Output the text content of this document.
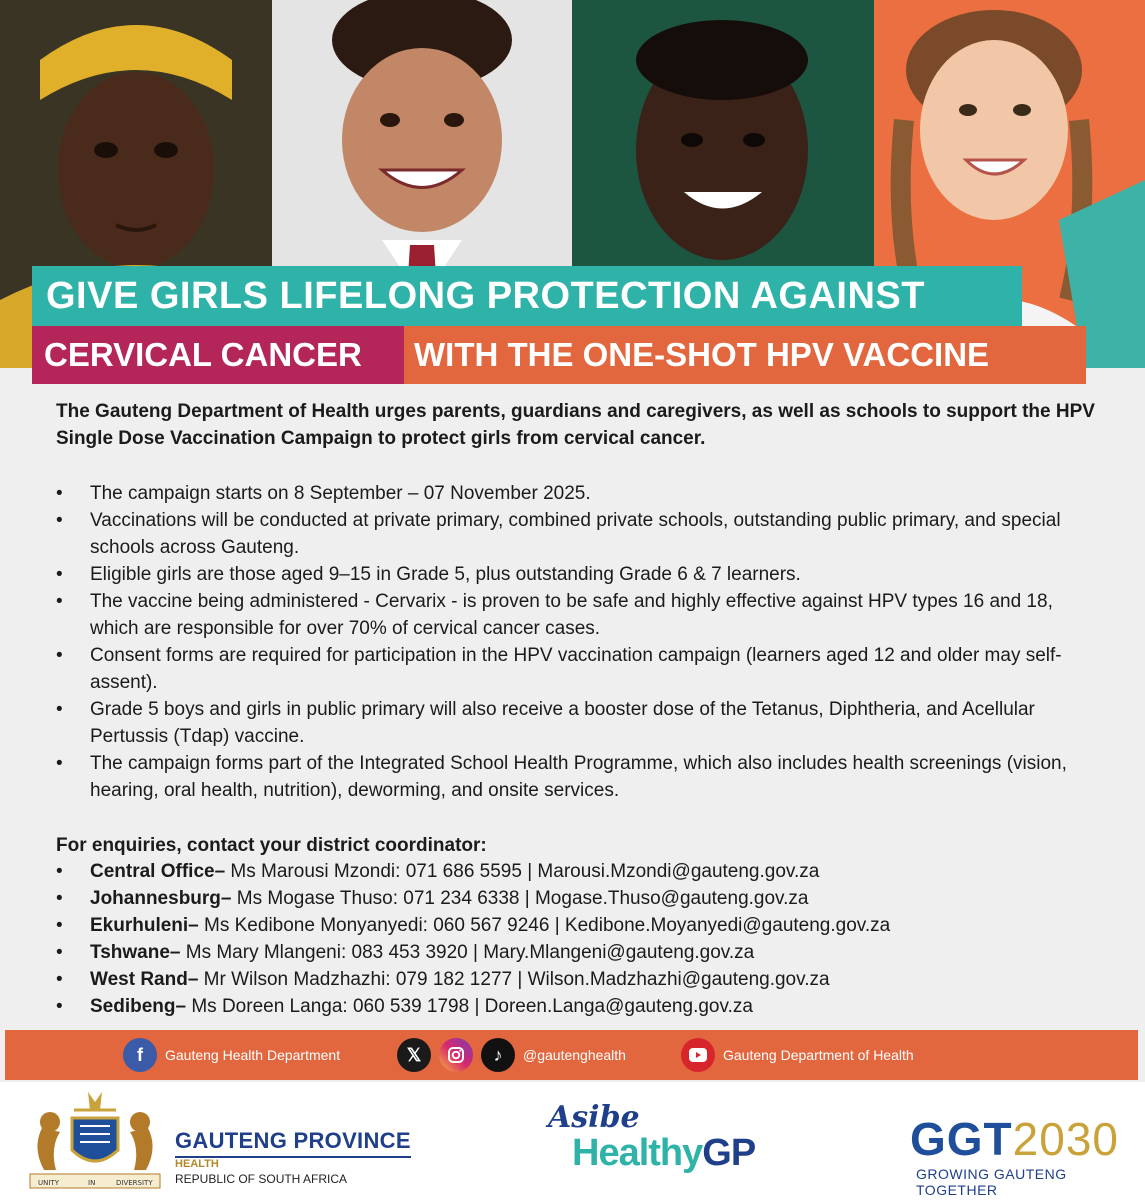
GIVE GIRLS LIFELONG PROTECTION AGAINST
CERVICAL CANCER	WITH THE ONE-SHOT HPV VACCINE

The Gauteng Department of Health urges parents, guardians and caregivers, as well as schools to support the HPV Single Dose Vaccination Campaign to protect girls from cervical cancer.

• The campaign starts on 8 September – 07 November 2025.
• Vaccinations will be conducted at private primary, combined private schools, outstanding public primary, and special schools across Gauteng.
• Eligible girls are those aged 9–15 in Grade 5, plus outstanding Grade 6 & 7 learners.
• The vaccine being administered - Cervarix - is proven to be safe and highly effective against HPV types 16 and 18, which are responsible for over 70% of cervical cancer cases.
• Consent forms are required for participation in the HPV vaccination campaign (learners aged 12 and older may self-assent).
• Grade 5 boys and girls in public primary will also receive a booster dose of the Tetanus, Diphtheria, and Acellular Pertussis (Tdap) vaccine.
• The campaign forms part of the Integrated School Health Programme, which also includes health screenings (vision, hearing, oral health, nutrition), deworming, and onsite services.
For enquiries, contact your district coordinator:
• Central Office– Ms Marousi Mzondi: 071 686 5595 | Marousi.Mzondi@gauteng.gov.za
• Johannesburg– Ms Mogase Thuso: 071 234 6338 | Mogase.Thuso@gauteng.gov.za
• Ekurhuleni– Ms Kedibone Monyanyedi: 060 567 9246 | Kedibone.Moyanyedi@gauteng.gov.za
• Tshwane– Ms Mary Mlangeni: 083 453 3920 | Mary.Mlangeni@gauteng.gov.za
• West Rand– Mr Wilson Madzhazhi: 079 182 1277 | Wilson.Madzhazhi@gauteng.gov.za
• Sedibeng– Ms Doreen Langa: 060 539 1798 | Doreen.Langa@gauteng.gov.za
f	Gauteng Health Department	𝕏	♪	@gautenghealth	Gauteng Department of Health
UNITY	IN	DIVERSITY
GAUTENG PROVINCE
HEALTH
REPUBLIC OF SOUTH AFRICA
Asibe
HealthyGP	GGT2030
GROWING GAUTENG TOGETHER
